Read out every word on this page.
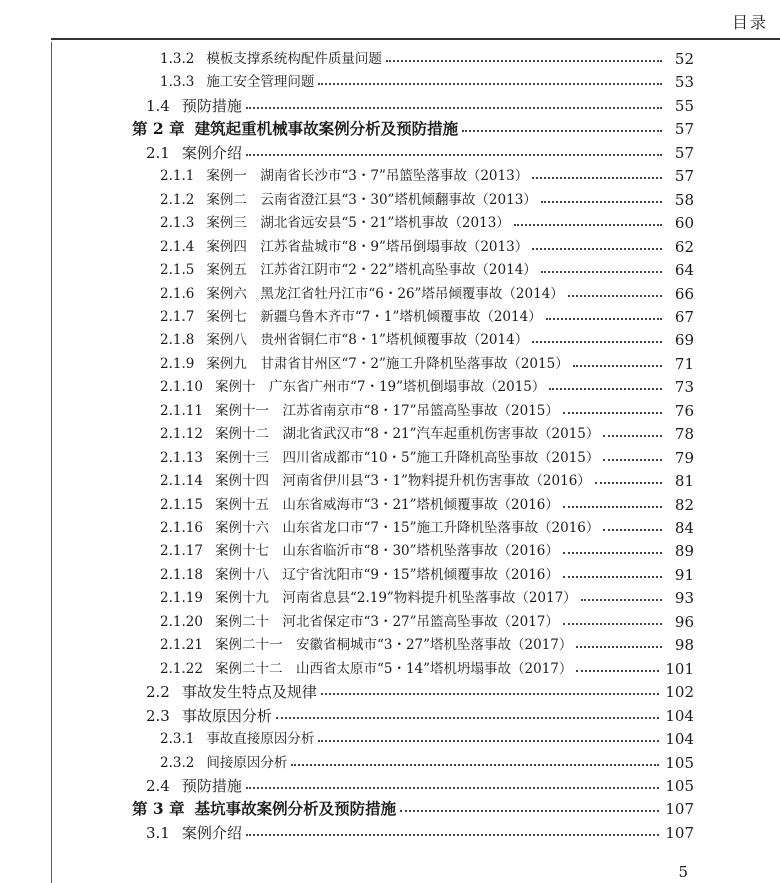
目录
1.3.2 模板支撑系统构配件质量问题	52
1.3.3 施工安全管理问题	53
1.4 预防措施	55
第 2 章 建筑起重机械事故案例分析及预防措施	57
2.1 案例介绍	57
2.1.1 案例一　湖南省长沙市“3・7”吊篮坠落事故（2013）	57
2.1.2 案例二　云南省澄江县“3・30”塔机倾翻事故（2013）	58
2.1.3 案例三　湖北省远安县“5・21”塔机事故（2013）	60
2.1.4 案例四　江苏省盐城市“8・9”塔吊倒塌事故（2013）	62
2.1.5 案例五　江苏省江阴市“2・22”塔机高坠事故（2014）	64
2.1.6 案例六　黑龙江省牡丹江市“6・26”塔吊倾覆事故（2014）	66
2.1.7 案例七　新疆乌鲁木齐市“7・1”塔机倾覆事故（2014）	67
2.1.8 案例八　贵州省铜仁市“8・1”塔机倾覆事故（2014）	69
2.1.9 案例九　甘肃省甘州区“7・2”施工升降机坠落事故（2015）	71
2.1.10 案例十　广东省广州市“7・19”塔机倒塌事故（2015）	73
2.1.11 案例十一　江苏省南京市“8・17”吊篮高坠事故（2015）	76
2.1.12 案例十二　湖北省武汉市“8・21”汽车起重机伤害事故（2015）	78
2.1.13 案例十三　四川省成都市“10・5”施工升降机高坠事故（2015）	79
2.1.14 案例十四　河南省伊川县“3・1”物料提升机伤害事故（2016）	81
2.1.15 案例十五　山东省威海市“3・21”塔机倾覆事故（2016）	82
2.1.16 案例十六　山东省龙口市“7・15”施工升降机坠落事故（2016）	84
2.1.17 案例十七　山东省临沂市“8・30”塔机坠落事故（2016）	89
2.1.18 案例十八　辽宁省沈阳市“9・15”塔机倾覆事故（2016）	91
2.1.19 案例十九　河南省息县“2.19”物料提升机坠落事故（2017）	93
2.1.20 案例二十　河北省保定市“3・27”吊篮高坠事故（2017）	96
2.1.21 案例二十一　安徽省桐城市“3・27”塔机坠落事故（2017）	98
2.1.22 案例二十二　山西省太原市“5・14”塔机坍塌事故（2017）	101
2.2 事故发生特点及规律	102
2.3 事故原因分析	104
2.3.1 事故直接原因分析	104
2.3.2 间接原因分析	105
2.4 预防措施	105
第 3 章 基坑事故案例分析及预防措施	107
3.1 案例介绍	107
5
